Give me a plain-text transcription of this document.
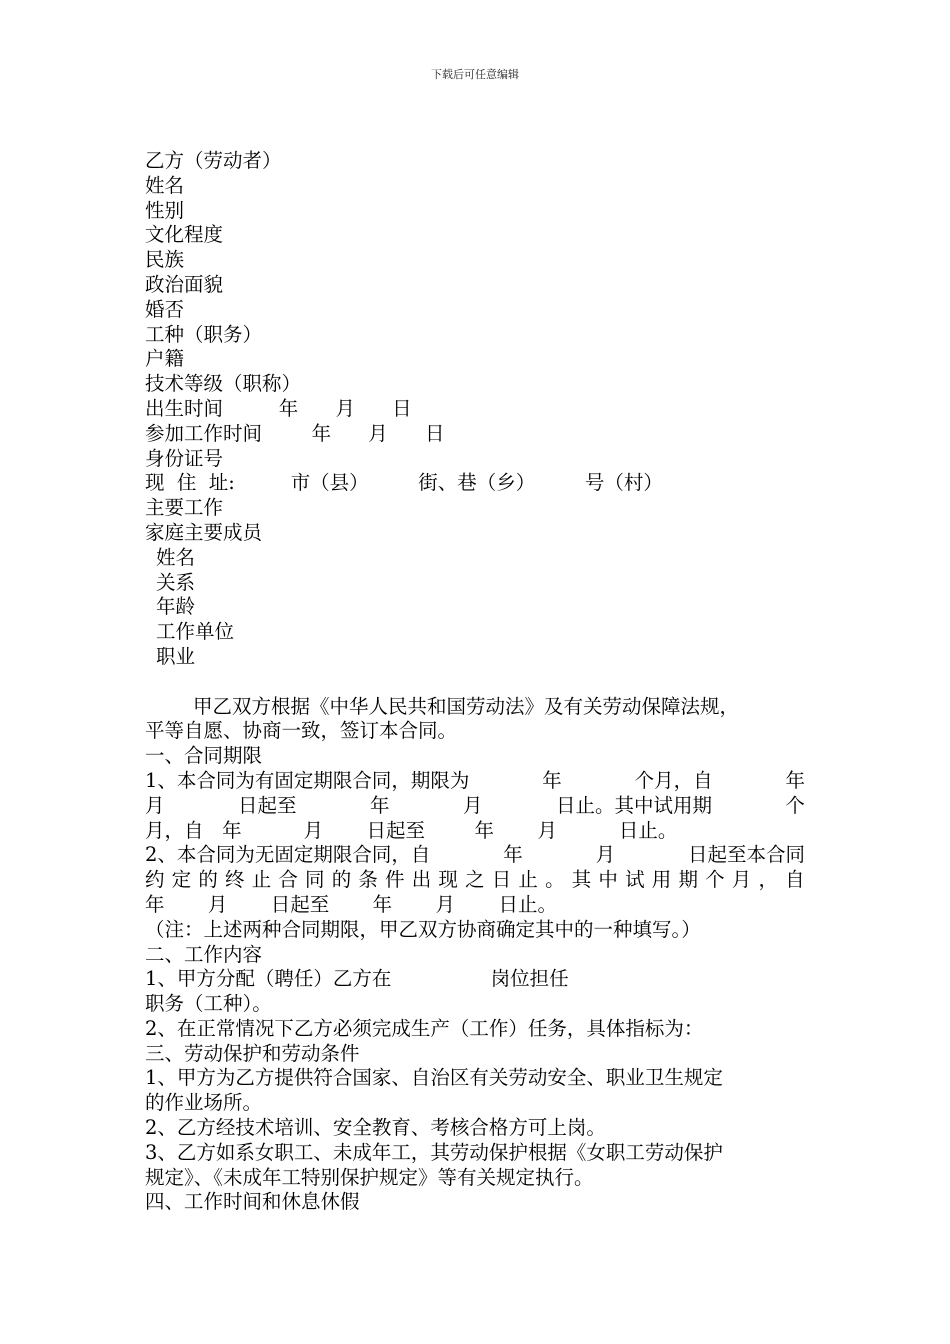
下载后可任意编辑
乙方（劳动者）
姓名
性别
文化程度
民族
政治面貌
婚否
工种（职务）
户籍
技术等级（职称）
出生时间         年      月      日
参加工作时间        年      月      日
身份证号
现  住  址:         市（县）        街、巷（乡）        号（村）
主要工作
家庭主要成员
姓名
关系
年龄
工作单位
职业
甲乙双方根据《中华人民共和国劳动法》及有关劳动保障法规，
平等自愿、协商一致，签订本合同。
一、合同期限
1、本合同为有固定期限合同，期限为	年	个月，自	年
月	日起至	年	月	日止。其中试用期	个
月，自   年          月       日起至        年       月          日止。
2、本合同为无固定期限合同，自	年	月	日起至本合同
约 定 的 终 止 合 同 的 条 件 出 现 之 日 止 。 其 中 试 用 期 个 月 ， 自
年       月       日起至       年       月       日止。
（注：上述两种合同期限，甲乙双方协商确定其中的一种填写。）
二、工作内容
1、甲方分配（聘任）乙方在                岗位担任
职务（工种）。
2、在正常情况下乙方必须完成生产（工作）任务，具体指标为：
三、劳动保护和劳动条件
1、甲方为乙方提供符合国家、自治区有关劳动安全、职业卫生规定
的作业场所。
2、乙方经技术培训、安全教育、考核合格方可上岗。
3、乙方如系女职工、未成年工，其劳动保护根据《女职工劳动保护
规定》、《未成年工特别保护规定》等有关规定执行。
四、工作时间和休息休假
